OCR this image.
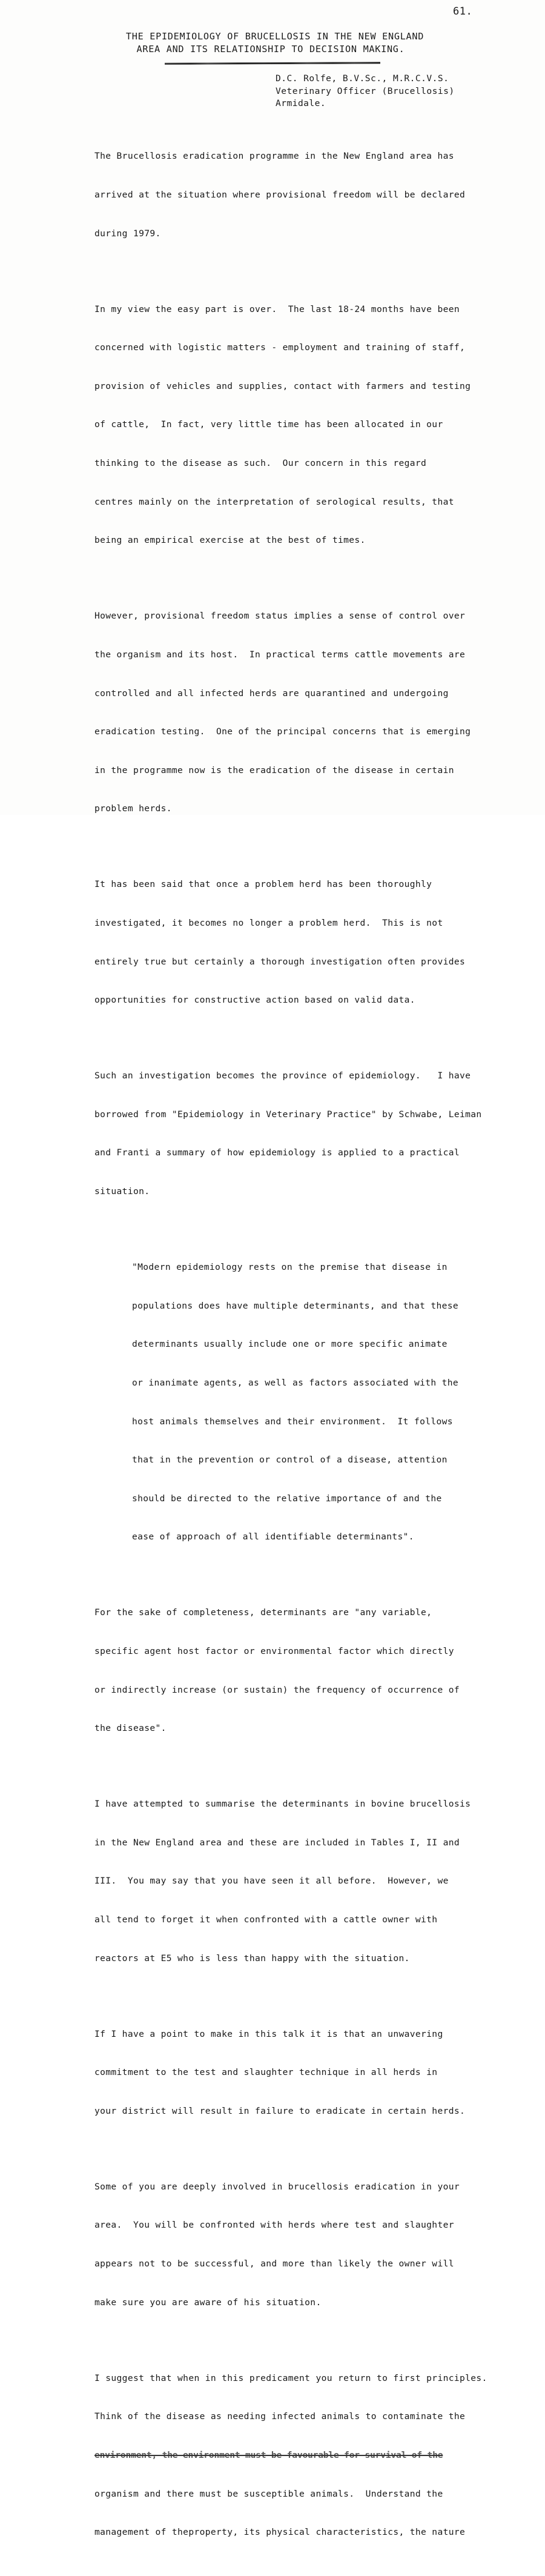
61.
THE EPIDEMIOLOGY OF BRUCELLOSIS IN THE NEW ENGLAND
AREA AND ITS RELATIONSHIP TO DECISION MAKING.
D.C. Rolfe, B.V.Sc., M.R.C.V.S.
Veterinary Officer (Brucellosis)
Armidale.

The Brucellosis eradication programme in the New England area has

arrived at the situation where provisional freedom will be declared

during 1979.

In my view the easy part is over.  The last 18-24 months have been

concerned with logistic matters - employment and training of staff,

provision of vehicles and supplies, contact with farmers and testing

of cattle,  In fact, very little time has been allocated in our

thinking to the disease as such.  Our concern in this regard

centres mainly on the interpretation of serological results, that

being an empirical exercise at the best of times.

However, provisional freedom status implies a sense of control over

the organism and its host.  In practical terms cattle movements are

controlled and all infected herds are quarantined and undergoing

eradication testing.  One of the principal concerns that is emerging

in the programme now is the eradication of the disease in certain

problem herds.

It has been said that once a problem herd has been thoroughly

investigated, it becomes no longer a problem herd.  This is not

entirely true but certainly a thorough investigation often provides

opportunities for constructive action based on valid data.

Such an investigation becomes the province of epidemiology.   I have

borrowed from "Epidemiology in Veterinary Practice" by Schwabe, Leiman

and Franti a summary of how epidemiology is applied to a practical

situation.

"Modern epidemiology rests on the premise that disease in

populations does have multiple determinants, and that these

determinants usually include one or more specific animate

or inanimate agents, as well as factors associated with the

host animals themselves and their environment.  It follows

that in the prevention or control of a disease, attention

should be directed to the relative importance of and the

ease of approach of all identifiable determinants".

For the sake of completeness, determinants are "any variable,

specific agent host factor or environmental factor which directly

or indirectly increase (or sustain) the frequency of occurrence of

the disease".

I have attempted to summarise the determinants in bovine brucellosis

in the New England area and these are included in Tables I, II and

III.  You may say that you have seen it all before.  However, we

all tend to forget it when confronted with a cattle owner with

reactors at E5 who is less than happy with the situation.

If I have a point to make in this talk it is that an unwavering

commitment to the test and slaughter technique in all herds in

your district will result in failure to eradicate in certain herds.

Some of you are deeply involved in brucellosis eradication in your

area.  You will be confronted with herds where test and slaughter

appears not to be successful, and more than likely the owner will

make sure you are aware of his situation.

I suggest that when in this predicament you return to first principles.

Think of the disease as needing infected animals to contaminate the

environment, the environment must be favourable for survival of the

organism and there must be susceptible animals.  Understand the

management of theproperty, its physical characteristics, the nature
